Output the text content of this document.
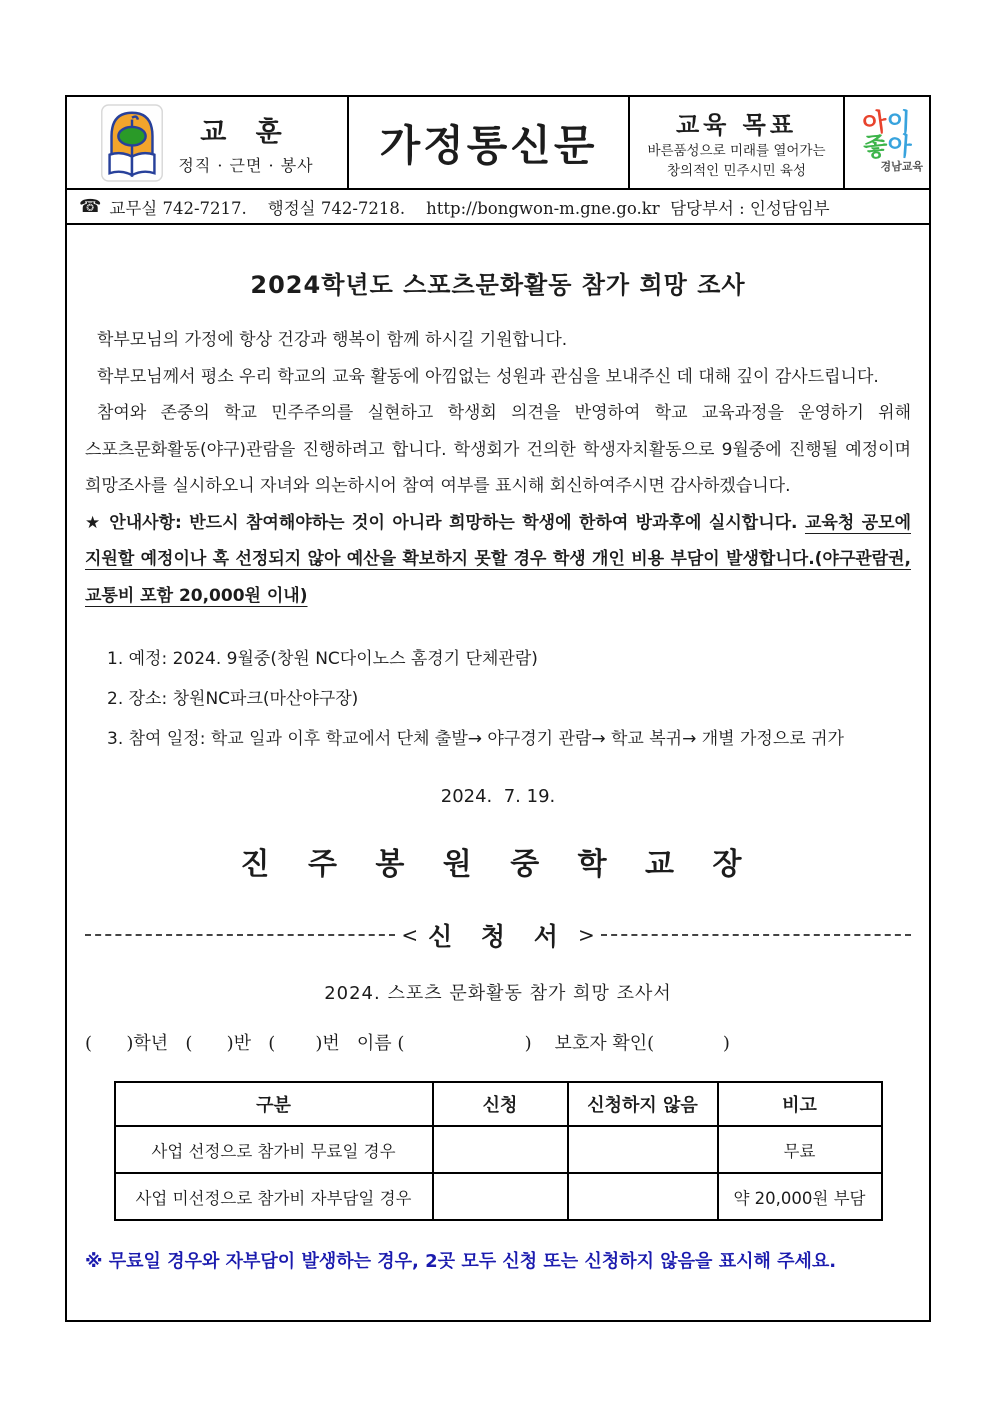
교 훈
정직 · 근면 · 봉사	가정통신문	교육 목표
바른품성으로 미래를 열어가는
창의적인 민주시민 육성
아이
좋아
경남교육
☎ 교무실 742-7217.    행정실 742-7218.    http://bongwon-m.gne.go.kr  담당부서 : 인성담임부
2024학년도 스포츠문화활동 참가 희망 조사

학부모님의 가정에 항상 건강과 행복이 함께 하시길 기원합니다.

학부모님께서 평소 우리 학교의 교육 활동에 아낌없는 성원과 관심을 보내주신 데 대해 깊이 감사드립니다.

참여와 존중의 학교 민주주의를 실현하고 학생회 의견을 반영하여 학교 교육과정을 운영하기 위해 스포츠문화활동(야구)관람을 진행하려고 합니다. 학생회가 건의한 학생자치활동으로 9월중에 진행될 예정이며 희망조사를 실시하오니 자녀와 의논하시어 참여 여부를 표시해 회신하여주시면 감사하겠습니다.

★ 안내사항: 반드시 참여해야하는 것이 아니라 희망하는 학생에 한하여 방과후에 실시합니다. 교육청 공모에 지원할 예정이나 혹 선정되지 않아 예산을 확보하지 못할 경우 학생 개인 비용 부담이 발생합니다.(야구관람권, 교통비 포함 20,000원 이내)

1. 예정: 2024. 9월중(창원 NC다이노스 홈경기 단체관람)
2. 장소: 창원NC파크(마산야구장)
3. 참여 일정: 학교 일과 이후 학교에서 단체 출발→ 야구경기 관람→ 학교 복귀→ 개별 가정으로 귀가
2024.  7. 19.
진 주 봉 원 중 학 교 장
< 신 청 서 >
2024. 스포츠 문화활동 참가 희망 조사서
(      )학년   (      )반   (       )번   이름 (                     )    보호자 확인(            )
구분	신청	신청하지 않음	비고
사업 선정으로 참가비 무료일 경우			무료
사업 미선정으로 참가비 자부담일 경우			약 20,000원 부담
※ 무료일 경우와 자부담이 발생하는 경우, 2곳 모두 신청 또는 신청하지 않음을 표시해 주세요.
